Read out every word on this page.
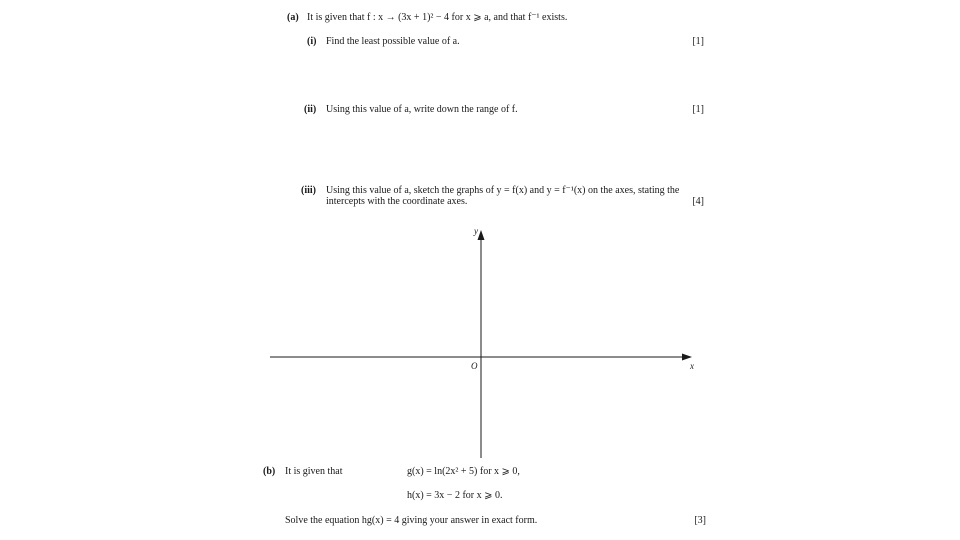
(a) It is given that f : x → (3x + 1)² − 4 for x ⩾ a, and that f⁻¹ exists.
(i) Find the least possible value of a.	[1]
(ii) Using this value of a, write down the range of f.	[1]
(iii) Using this value of a, sketch the graphs of y = f(x) and y = f⁻¹(x) on the axes, stating the
intercepts with the coordinate axes.	[4]
y
x
O
(b) It is given that	g(x) = ln(2x² + 5) for x ⩾ 0,
h(x) = 3x − 2 for x ⩾ 0.
Solve the equation hg(x) = 4 giving your answer in exact form.	[3]
